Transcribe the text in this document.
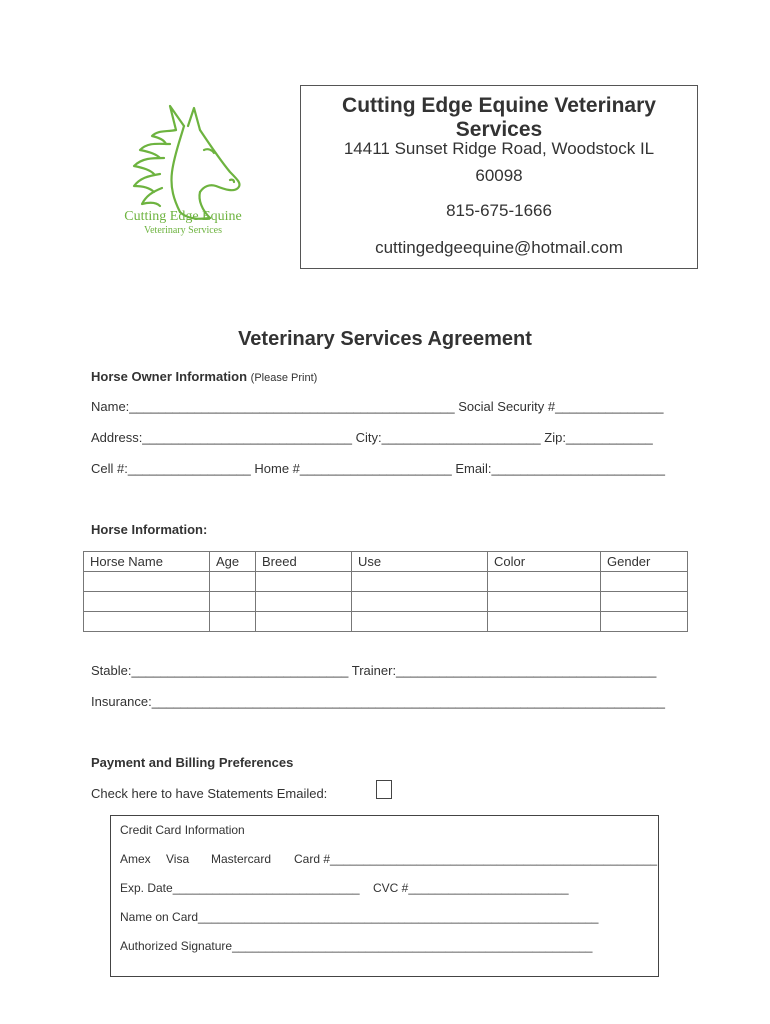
Cutting Edge Equine
Veterinary Services
Cutting Edge Equine Veterinary Services
14411 Sunset Ridge Road, Woodstock IL 60098
815-675-1666
cuttingedgeequine@hotmail.com
Veterinary Services Agreement
Horse Owner Information (Please Print)
Name:_____________________________________________ Social Security #_______________
Address:_____________________________ City:______________________ Zip:____________
Cell #:_________________ Home #_____________________ Email:________________________
Horse Information:
Horse Name	Age	Breed	Use	Color	Gender

Stable:______________________________ Trainer:____________________________________
Insurance:_______________________________________________________________________
Payment and Billing Preferences
Check here to have Statements Emailed:
Credit Card Information
Amex Visa Mastercard Card #_________________________________________________
Exp. Date____________________________ CVC #________________________
Name on Card____________________________________________________________
Authorized Signature______________________________________________________
